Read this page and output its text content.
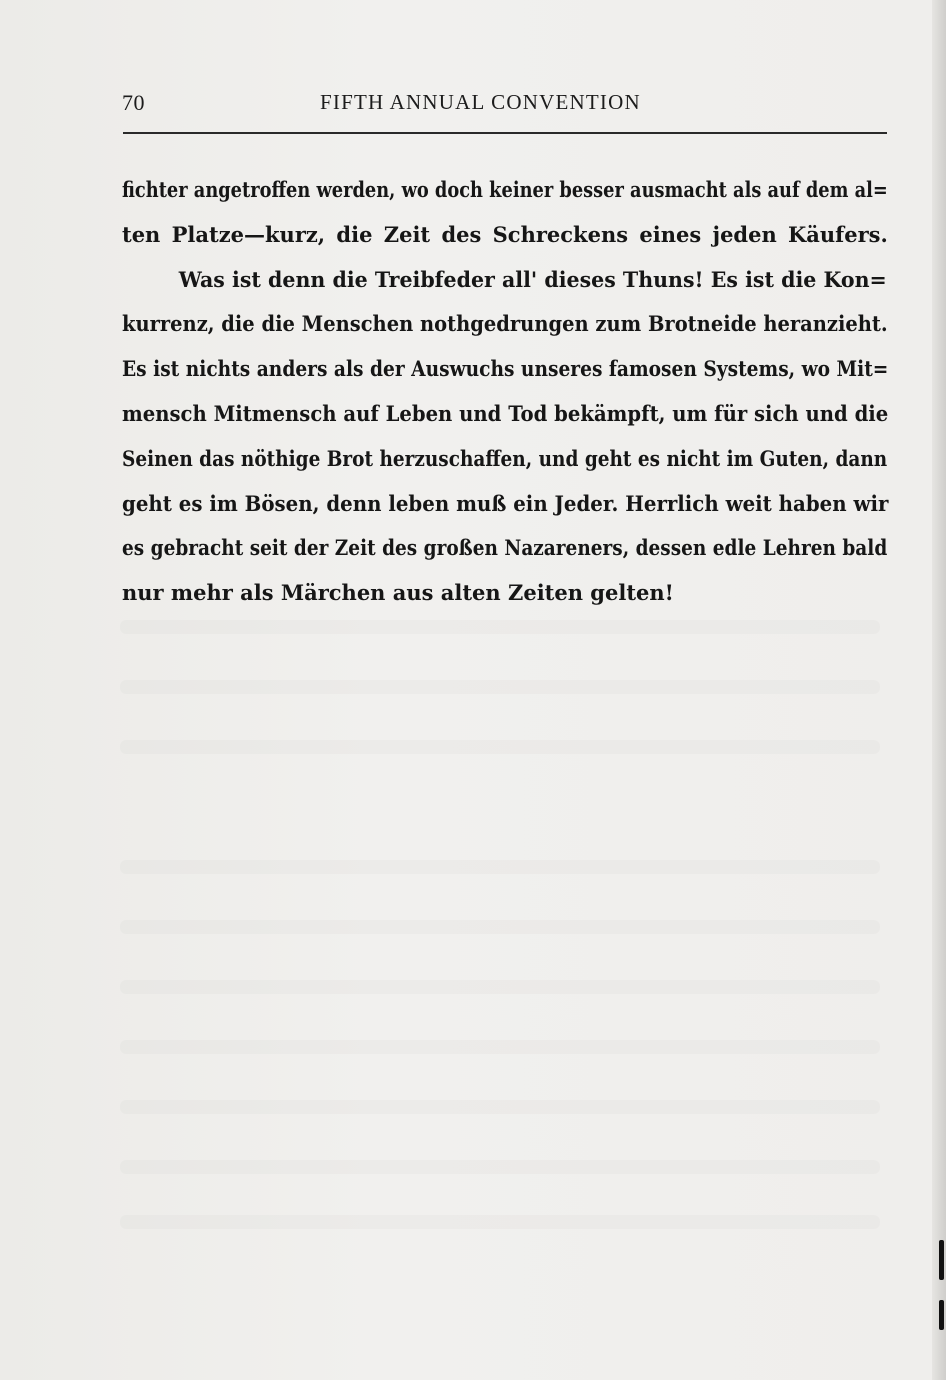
70	FIFTH ANNUAL CONVENTION

fichter angetroffen werden, wo doch keiner besser ausmacht als auf dem al=
ten Platze—kurz, die Zeit des Schreckens eines jeden Käufers.

Was ist denn die Treibfeder all' dieses Thuns! Es ist die Kon=
kurrenz, die die Menschen nothgedrungen zum Brotneide heranzieht.
Es ist nichts anders als der Auswuchs unseres famosen Systems, wo Mit=
mensch Mitmensch auf Leben und Tod bekämpft, um für sich und die
Seinen das nöthige Brot herzuschaffen, und geht es nicht im Guten, dann
geht es im Bösen, denn leben muß ein Jeder. Herrlich weit haben wir
es gebracht seit der Zeit des großen Nazareners, dessen edle Lehren bald
nur mehr als Märchen aus alten Zeiten gelten!
